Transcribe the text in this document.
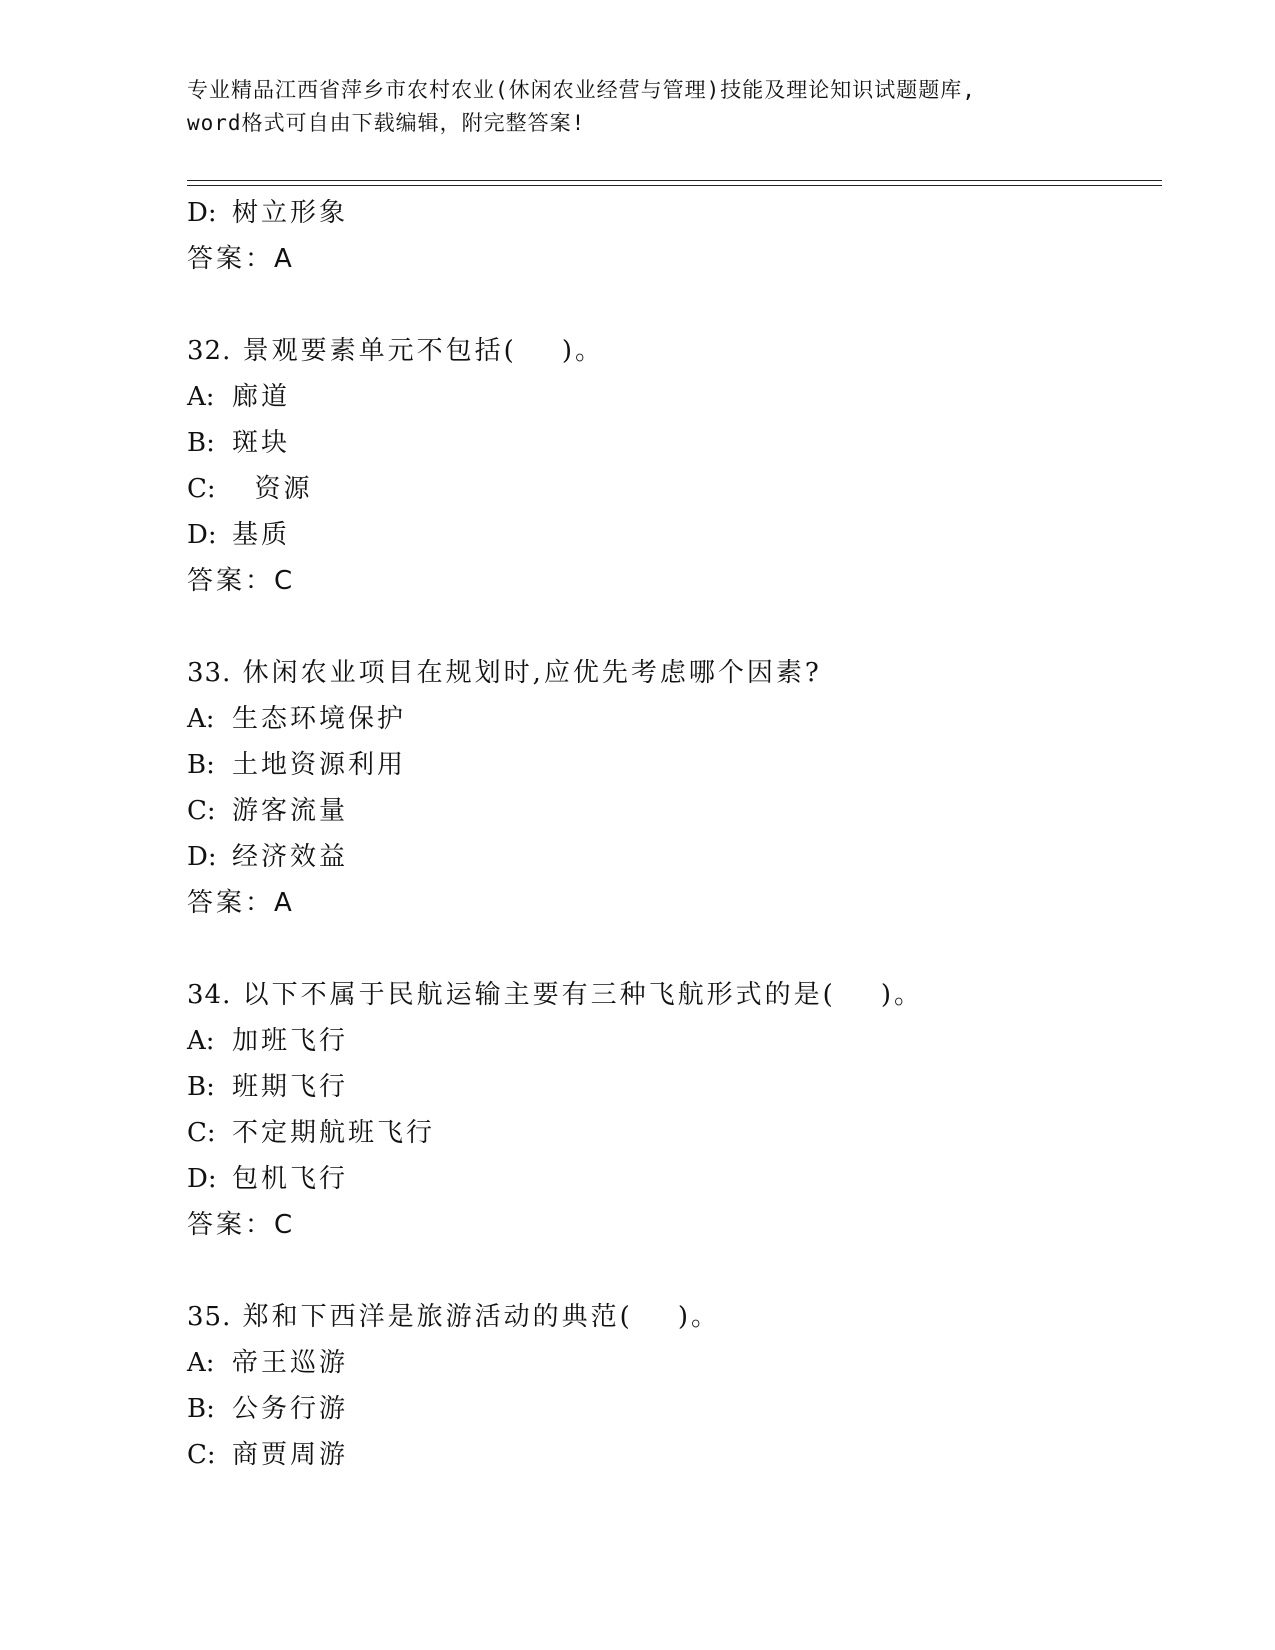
专业精品江西省萍乡市农村农业(休闲农业经营与管理)技能及理论知识试题题库,
word格式可自由下载编辑，附完整答案!
D: 树立形象
答案：A
32. 景观要素单元不包括(    )。
A: 廊道
B: 斑块
C:  资源
D: 基质
答案：C
33. 休闲农业项目在规划时,应优先考虑哪个因素?
A: 生态环境保护
B: 土地资源利用
C: 游客流量
D: 经济效益
答案：A
34. 以下不属于民航运输主要有三种飞航形式的是(    )。
A: 加班飞行
B: 班期飞行
C: 不定期航班飞行
D: 包机飞行
答案：C
35. 郑和下西洋是旅游活动的典范(    )。
A: 帝王巡游
B: 公务行游
C: 商贾周游
